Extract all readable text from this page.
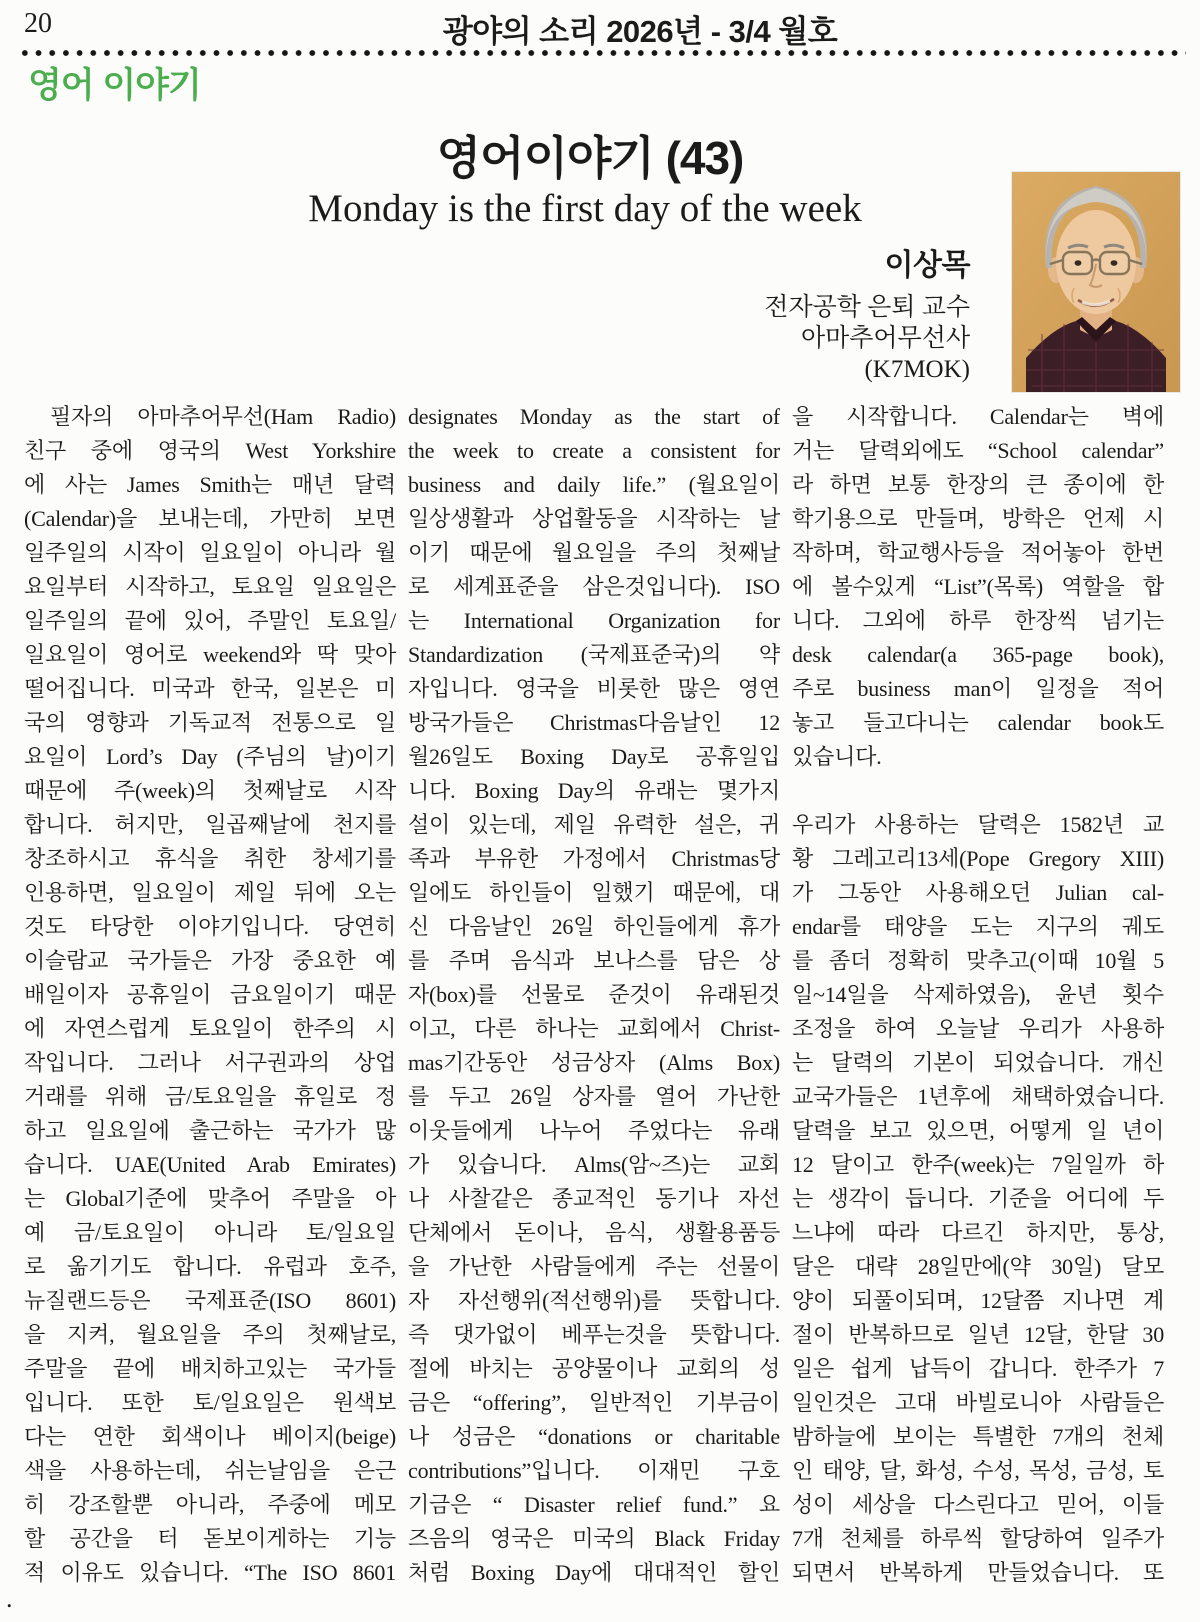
20	광야의 소리 2026년 - 3/4 월호
영어 이야기
영어이야기 (43)
Monday is the first day of the week
이상목
전자공학 은퇴 교수
아마추어무선사
(K7MOK)
필자의 아마추어무선(Ham Radio)
친구 중에 영국의 West Yorkshire
에 사는 James Smith는 매년 달력
(Calendar)을 보내는데, 가만히 보면
일주일의 시작이 일요일이 아니라 월
요일부터 시작하고, 토요일 일요일은
일주일의 끝에 있어, 주말인 토요일/
일요일이 영어로 weekend와 딱 맞아
떨어집니다. 미국과 한국, 일본은 미
국의 영향과 기독교적 전통으로 일
요일이 Lord’s Day (주님의 날)이기
때문에 주(week)의 첫째날로 시작
합니다. 허지만, 일곱째날에 천지를
창조하시고 휴식을 취한 창세기를
인용하면, 일요일이 제일 뒤에 오는
것도 타당한 이야기입니다. 당연히
이슬람교 국가들은 가장 중요한 예
배일이자 공휴일이 금요일이기 때문
에 자연스럽게 토요일이 한주의 시
작입니다. 그러나 서구권과의 상업
거래를 위해 금/토요일을 휴일로 정
하고 일요일에 출근하는 국가가 많
습니다. UAE(United Arab Emirates)
는 Global기준에 맞추어 주말을 아
예 금/토요일이 아니라 토/일요일
로 옮기기도 합니다. 유럽과 호주,
뉴질랜드등은 국제표준(ISO 8601)
을 지켜, 월요일을 주의 첫째날로,
주말을 끝에 배치하고있는 국가들
입니다. 또한 토/일요일은 원색보
다는 연한 회색이나 베이지(beige)
색을 사용하는데, 쉬는날임을 은근
히 강조할뿐 아니라, 주중에 메모
할 공간을 터 돋보이게하는 기능
적 이유도 있습니다. “The ISO 8601
designates Monday as the start of
the week to create a consistent for
business and daily life.” (월요일이
일상생활과 상업활동을 시작하는 날
이기 때문에 월요일을 주의 첫째날
로 세계표준을 삼은것입니다). ISO
는 International Organization for
Standardization (국제표준국)의 약
자입니다. 영국을 비롯한 많은 영연
방국가들은 Christmas다음날인 12
월26일도 Boxing Day로 공휴일입
니다. Boxing Day의 유래는 몇가지
설이 있는데, 제일 유력한 설은, 귀
족과 부유한 가정에서 Christmas당
일에도 하인들이 일했기 때문에, 대
신 다음날인 26일 하인들에게 휴가
를 주며 음식과 보나스를 담은 상
자(box)를 선물로 준것이 유래된것
이고, 다른 하나는 교회에서 Christ-
mas기간동안 성금상자 (Alms Box)
를 두고 26일 상자를 열어 가난한
이웃들에게 나누어 주었다는 유래
가 있습니다. Alms(암~즈)는 교회
나 사찰같은 종교적인 동기나 자선
단체에서 돈이나, 음식, 생활용품등
을 가난한 사람들에게 주는 선물이
자 자선행위(적선행위)를 뜻합니다.
즉 댓가없이 베푸는것을 뜻합니다.
절에 바치는 공양물이나 교회의 성
금은 “offering”, 일반적인 기부금이
나 성금은 “donations or charitable
contributions”입니다. 이재민 구호
기금은 “ Disaster relief fund.” 요
즈음의 영국은 미국의 Black Friday
처럼 Boxing Day에 대대적인 할인
을 시작합니다. Calendar는 벽에
거는 달력외에도 “School calendar”
라 하면 보통 한장의 큰 종이에 한
학기용으로 만들며, 방학은 언제 시
작하며, 학교행사등을 적어놓아 한번
에 볼수있게 “List”(목록) 역할을 합
니다. 그외에 하루 한장씩 넘기는
desk calendar(a 365-page book),
주로 business man이 일정을 적어
놓고 들고다니는 calendar book도
있습니다.
우리가 사용하는 달력은 1582년 교
황 그레고리13세(Pope Gregory XIII)
가 그동안 사용해오던 Julian cal-
endar를 태양을 도는 지구의 궤도
를 좀더 정확히 맞추고(이때 10월 5
일~14일을 삭제하였음), 윤년 횟수
조정을 하여 오늘날 우리가 사용하
는 달력의 기본이 되었습니다. 개신
교국가들은 1년후에 채택하였습니다.
달력을 보고 있으면, 어떻게 일 년이
12 달이고 한주(week)는 7일일까 하
는 생각이 듭니다. 기준을 어디에 두
느냐에 따라 다르긴 하지만, 통상,
달은 대략 28일만에(약 30일) 달모
양이 되풀이되며, 12달쯤 지나면 계
절이 반복하므로 일년 12달, 한달 30
일은 쉽게 납득이 갑니다. 한주가 7
일인것은 고대 바빌로니아 사람들은
밤하늘에 보이는 특별한 7개의 천체
인 태양, 달, 화성, 수성, 목성, 금성, 토
성이 세상을 다스린다고 믿어, 이들
7개 천체를 하루씩 할당하여 일주가
되면서 반복하게 만들었습니다. 또
.
